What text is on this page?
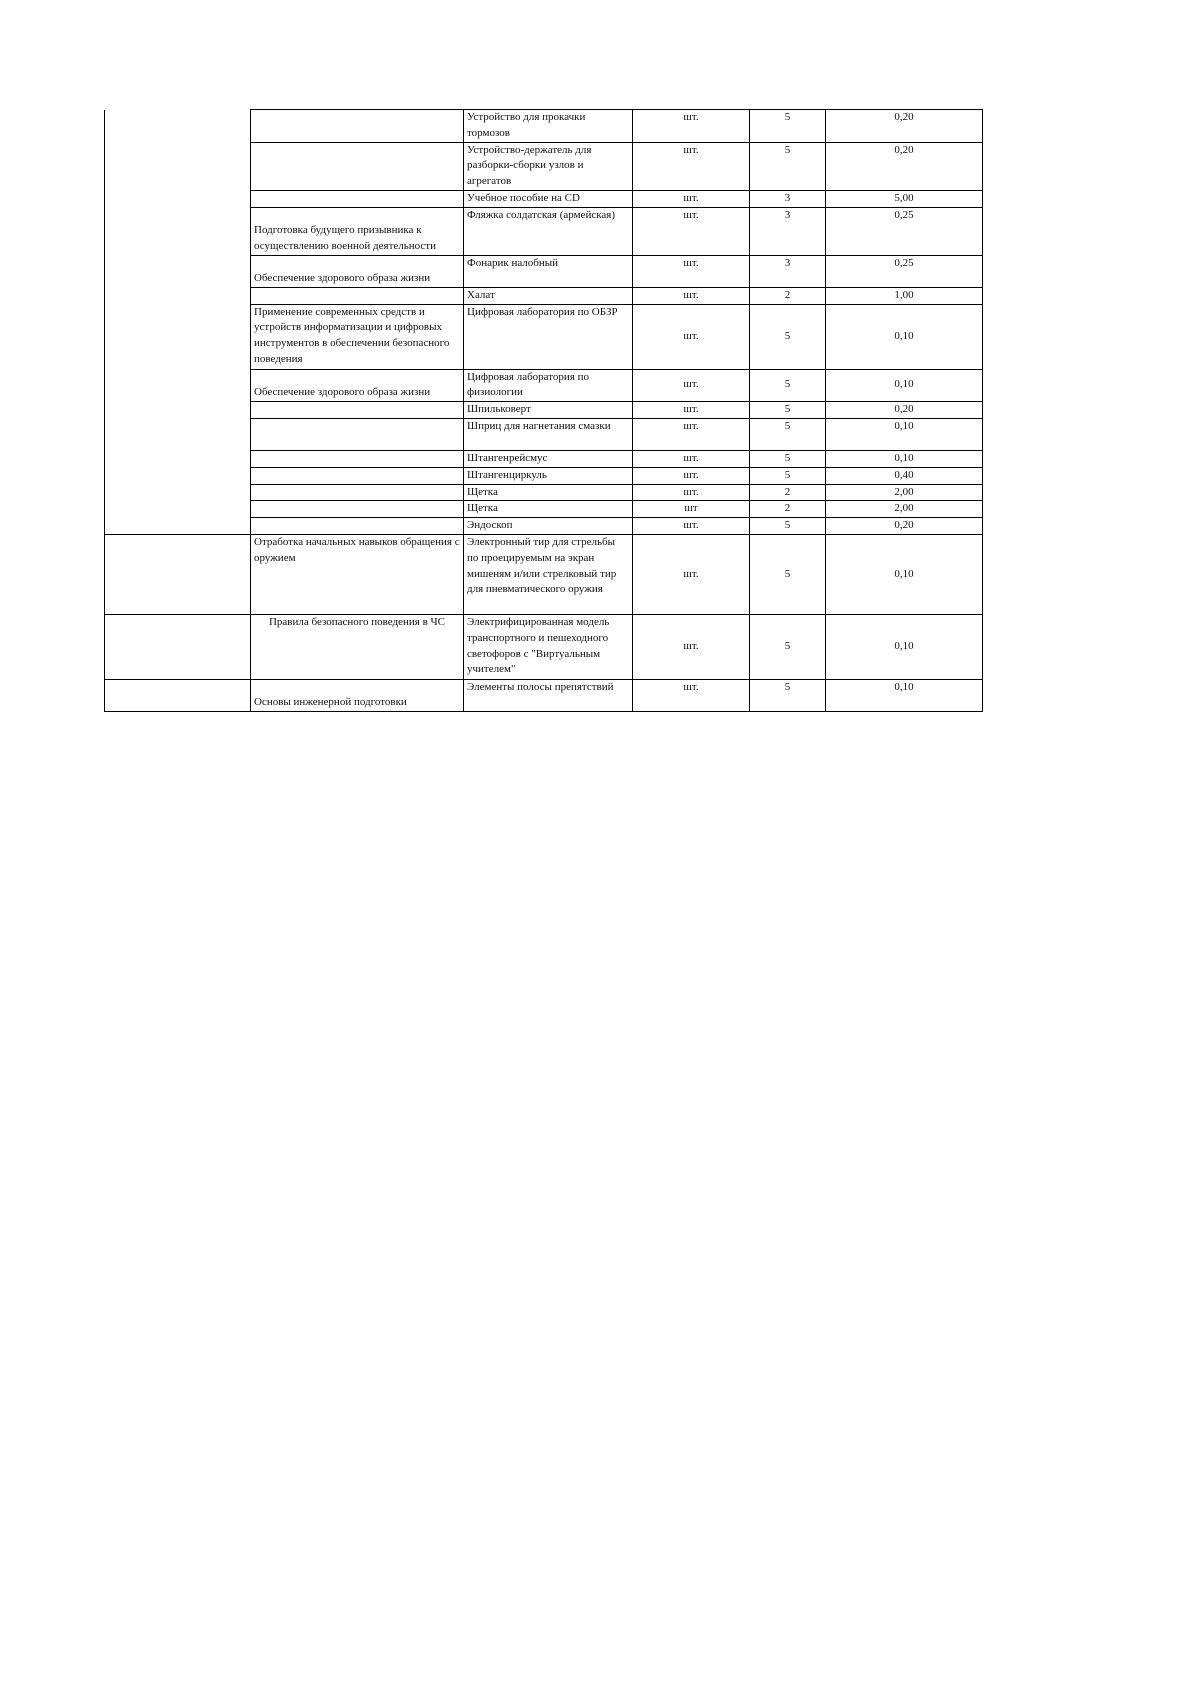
		Устройство для прокачки тормозов	шт.	5	0,20
		Устройство-держатель для разборки-сборки узлов и агрегатов	шт.	5	0,20
		Учебное пособие на CD	шт.	3	5,00
	Подготовка будущего призывника к осуществлению военной деятельности	Фляжка солдатская (армейская)	шт.	3	0,25
	Обеспечение здорового образа жизни	Фонарик налобный	шт.	3	0,25
		Халат	шт.	2	1,00
	Применение современных средств и устройств информатизации и цифровых инструментов в обеспечении безопасного поведения	Цифровая лаборатория по ОБЗР	шт.	5	0,10
	Обеспечение здорового образа жизни	Цифровая лаборатория по физиологии	шт.	5	0,10
		Шпильковерт	шт.	5	0,20
		Шприц для нагнетания смазки	шт.	5	0,10
		Штангенрейсмус	шт.	5	0,10
		Штангенциркуль	шт.	5	0,40
		Щетка	шт.	2	2,00
		Щетка	шт	2	2,00
		Эндоскоп	шт.	5	0,20
	Отработка начальных навыков обращения с оружием	Электронный тир для стрельбы по проецируемым на экран мишеням и/или стрелковый тир для пневматического оружия	шт.	5	0,10
	Правила безопасного поведения в ЧС	Электрифицированная модель транспортного и пешеходного светофоров с "Виртуальным учителем"	шт.	5	0,10
	Основы инженерной подготовки	Элементы полосы препятствий	шт.	5	0,10
